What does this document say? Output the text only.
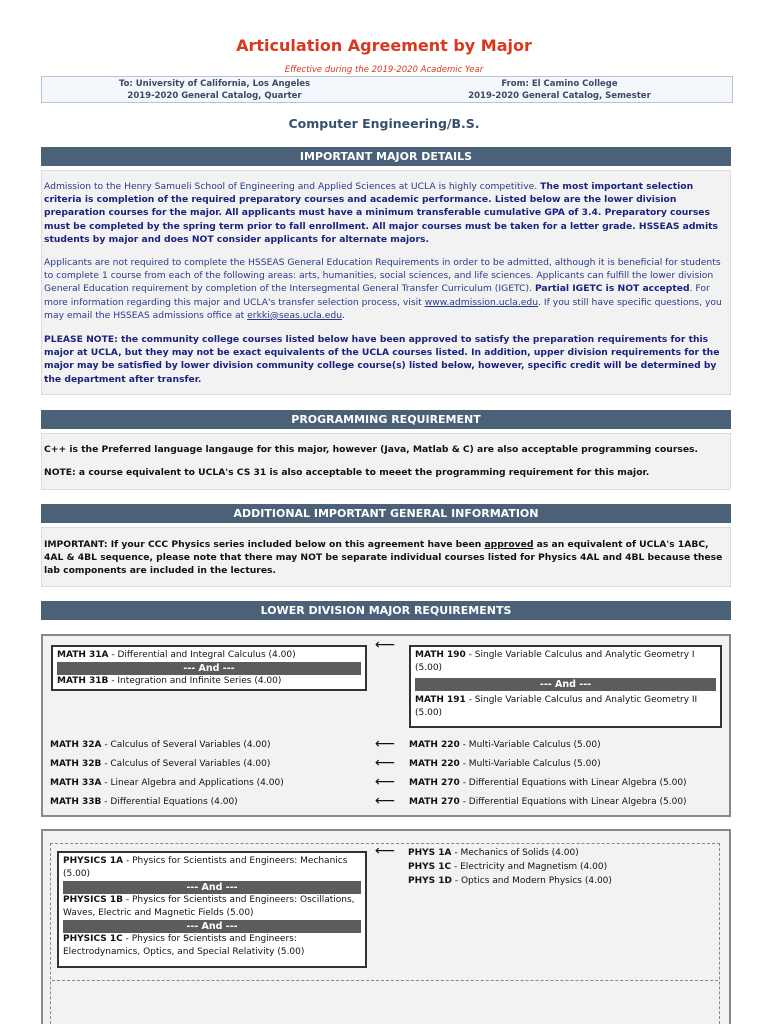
Articulation Agreement by Major
Effective during the 2019-2020 Academic Year
To: University of California, Los Angeles
2019-2020 General Catalog, Quarter
From: El Camino College
2019-2020 General Catalog, Semester
Computer Engineering/B.S.
IMPORTANT MAJOR DETAILS
Admission to the Henry Samueli School of Engineering and Applied Sciences at UCLA is highly competitive. The most important selection criteria is completion of the required preparatory courses and academic performance. Listed below are the lower division preparation courses for the major. All applicants must have a minimum transferable cumulative GPA of 3.4. Preparatory courses must be completed by the spring term prior to fall enrollment. All major courses must be taken for a letter grade. HSSEAS admits students by major and does NOT consider applicants for alternate majors.
Applicants are not required to complete the HSSEAS General Education Requirements in order to be admitted, although it is beneficial for students to complete 1 course from each of the following areas: arts, humanities, social sciences, and life sciences. Applicants can fulfill the lower division General Education requirement by completion of the Intersegmental General Transfer Curriculum (IGETC). Partial IGETC is NOT accepted. For more information regarding this major and UCLA's transfer selection process, visit www.admission.ucla.edu. If you still have specific questions, you may email the HSSEAS admissions office at erkki@seas.ucla.edu.
PLEASE NOTE: the community college courses listed below have been approved to satisfy the preparation requirements for this major at UCLA, but they may not be exact equivalents of the UCLA courses listed. In addition, upper division requirements for the major may be satisfied by lower division community college course(s) listed below, however, specific credit will be determined by the department after transfer.
PROGRAMMING REQUIREMENT
C++ is the Preferred language langauge for this major, however (Java, Matlab & C) are also acceptable programming courses.
NOTE: a course equivalent to UCLA's CS 31 is also acceptable to meeet the programming requirement for this major.
ADDITIONAL IMPORTANT GENERAL INFORMATION
IMPORTANT: If your CCC Physics series included below on this agreement have been approved as an equivalent of UCLA's 1ABC, 4AL & 4BL sequence, please note that there may NOT be separate individual courses listed for Physics 4AL and 4BL because these lab components are included in the lectures.
LOWER DIVISION MAJOR REQUIREMENTS
MATH 31A - Differential and Integral Calculus (4.00)
--- And ---
MATH 31B - Integration and Infinite Series (4.00)
⟵
MATH 190 - Single Variable Calculus and Analytic Geometry I (5.00)
--- And ---
MATH 191 - Single Variable Calculus and Analytic Geometry II (5.00)
MATH 32A - Calculus of Several Variables (4.00)	⟵ MATH 220 - Multi-Variable Calculus (5.00)
MATH 32B - Calculus of Several Variables (4.00)	⟵ MATH 220 - Multi-Variable Calculus (5.00)
MATH 33A - Linear Algebra and Applications (4.00)	⟵ MATH 270 - Differential Equations with Linear Algebra (5.00)
MATH 33B - Differential Equations (4.00)	⟵ MATH 270 - Differential Equations with Linear Algebra (5.00)
PHYSICS 1A - Physics for Scientists and Engineers: Mechanics (5.00)
--- And ---
PHYSICS 1B - Physics for Scientists and Engineers: Oscillations, Waves, Electric and Magnetic Fields (5.00)
--- And ---
PHYSICS 1C - Physics for Scientists and Engineers: Electrodynamics, Optics, and Special Relativity (5.00)
⟵ PHYS 1A - Mechanics of Solids (4.00)
PHYS 1C - Electricity and Magnetism (4.00)
PHYS 1D - Optics and Modern Physics (4.00)
